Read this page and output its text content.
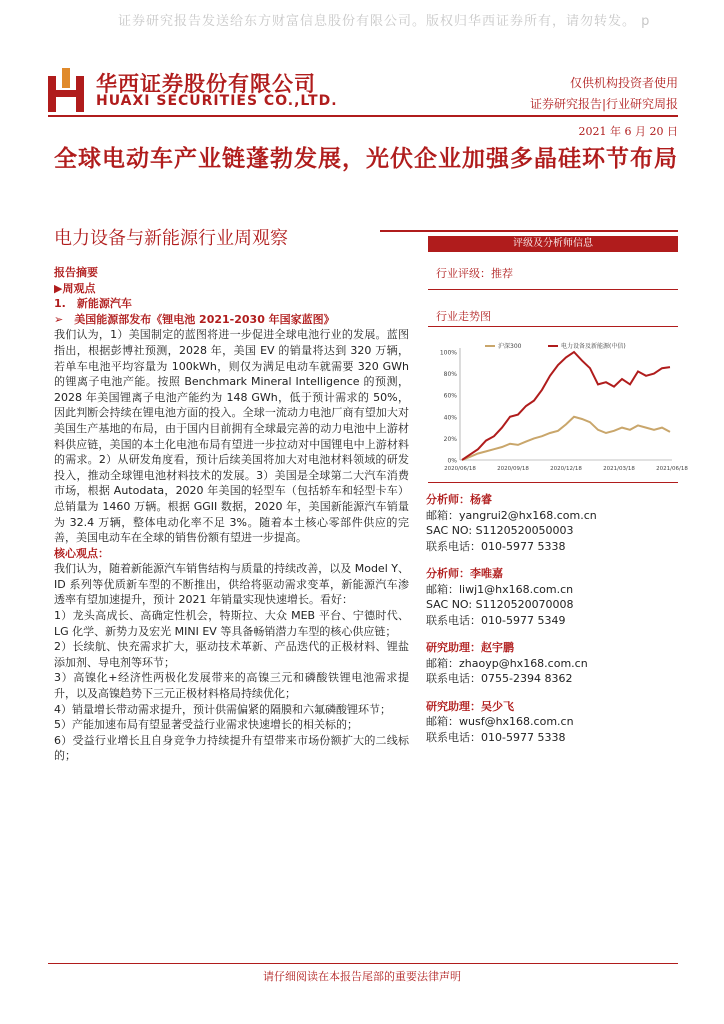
证券研究报告发送给东方财富信息股份有限公司。版权归华西证券所有，请勿转发。 p
华西证券股份有限公司
HUAXI SECURITIES CO.,LTD.
仅供机构投资者使用
证券研究报告|行业研究周报
2021 年 6 月 20 日
全球电动车产业链蓬勃发展，光伏企业加强多晶硅环节布局
电力设备与新能源行业周观察
报告摘要
▶周观点
1.　新能源汽车
➢　美国能源部发布《锂电池 2021-2030 年国家蓝图》

我们认为，1）美国制定的蓝图将进一步促进全球电池行业的发展。蓝图指出，根据彭博社预测，2028 年，美国 EV 的销量将达到 320 万辆，若单车电池平均容量为 100kWh，则仅为满足电动车就需要 320 GWh 的锂离子电池产能。按照 Benchmark Mineral Intelligence 的预测，2028 年美国锂离子电池产能约为 148 GWh，低于预计需求的 50%，因此判断会持续在锂电池方面的投入。全球一流动力电池厂商有望加大对美国生产基地的布局，由于国内目前拥有全球最完善的动力电池中上游材料供应链，美国的本土化电池布局有望进一步拉动对中国锂电中上游材料的需求。2）从研发角度看，预计后续美国将加大对电池材料领域的研发投入，推动全球锂电池材料技术的发展。3）美国是全球第二大汽车消费市场，根据 Autodata，2020 年美国的轻型车（包括轿车和轻型卡车）总销量为 1460 万辆。根据 GGII 数据，2020 年，美国新能源汽车销量为 32.4 万辆，整体电动化率不足 3%。随着本土核心零部件供应的完善，美国电动车在全球的销售份额有望进一步提高。

核心观点：

我们认为，随着新能源汽车销售结构与质量的持续改善，以及 Model Y、ID 系列等优质新车型的不断推出，供给将驱动需求变革，新能源汽车渗透率有望加速提升，预计 2021 年销量实现快速增长。看好：

1）龙头高成长、高确定性机会，特斯拉、大众 MEB 平台、宁德时代、LG 化学、新势力及宏光 MINI EV 等具备畅销潜力车型的核心供应链；

2）长续航、快充需求扩大，驱动技术革新、产品迭代的正极材料、锂盐添加剂、导电剂等环节；

3）高镍化+经济性两极化发展带来的高镍三元和磷酸铁锂电池需求提升，以及高镍趋势下三元正极材料格局持续优化；

4）销量增长带动需求提升，预计供需偏紧的隔膜和六氟磷酸锂环节；

5）产能加速布局有望显著受益行业需求快速增长的相关标的；

6）受益行业增长且自身竞争力持续提升有望带来市场份额扩大的二线标的；

评级及分析师信息
行业评级：推荐
行业走势图
100%
80%
60%
40%
20%
0%
2020/06/18	2020/09/18	2020/12/18	2021/03/18	2021/06/18
沪深300	电力设备及新能源(中信)
分析师：杨睿
邮箱：yangrui2@hx168.com.cn
SAC NO: S1120520050003
联系电话：010-5977 5338
分析师：李唯嘉
邮箱：liwj1@hx168.com.cn
SAC NO: S1120520070008
联系电话：010-5977 5349
研究助理：赵宇鹏
邮箱：zhaoyp@hx168.com.cn
联系电话：0755-2394 8362
研究助理：吴少飞
邮箱：wusf@hx168.com.cn
联系电话：010-5977 5338
请仔细阅读在本报告尾部的重要法律声明
